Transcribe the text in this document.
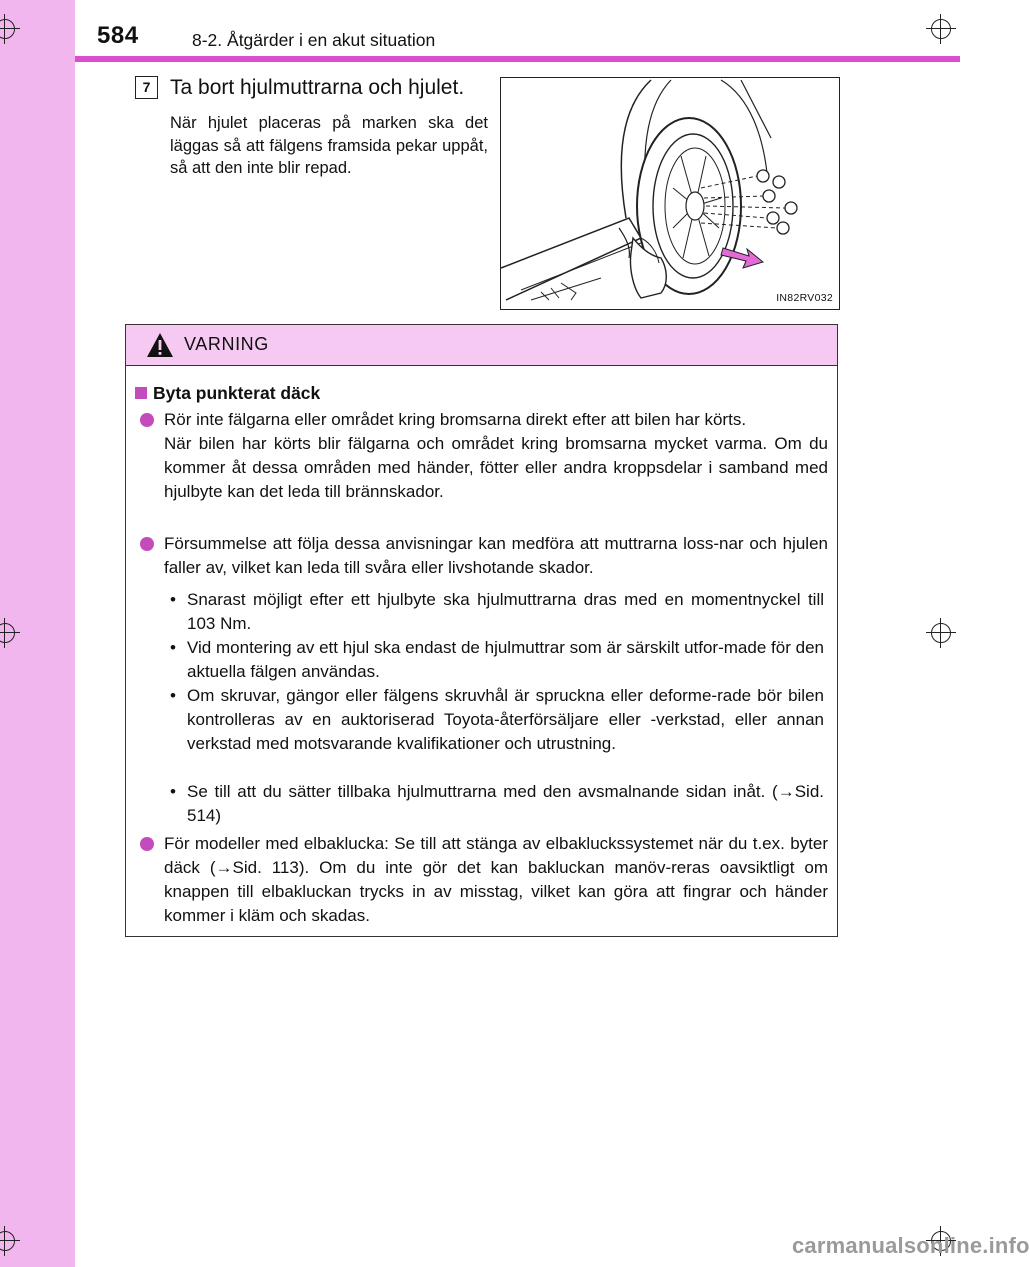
584	8-2. Åtgärder i en akut situation
7 Ta bort hjulmuttrarna och hjulet.
När hjulet placeras på marken ska det läggas så att fälgens framsida pekar uppåt, så att den inte blir repad.
IN82RV032
VARNING
Byta punkterat däck
Rör inte fälgarna eller området kring bromsarna direkt efter att bilen har körts.
När bilen har körts blir fälgarna och området kring bromsarna mycket varma. Om du kommer åt dessa områden med händer, fötter eller andra kroppsdelar i samband med hjulbyte kan det leda till brännskador.
Försummelse att följa dessa anvisningar kan medföra att muttrarna loss-nar och hjulen faller av, vilket kan leda till svåra eller livshotande skador.
• Snarast möjligt efter ett hjulbyte ska hjulmuttrarna dras med en momentnyckel till 103 Nm.
• Vid montering av ett hjul ska endast de hjulmuttrar som är särskilt utfor-made för den aktuella fälgen användas.
• Om skruvar, gängor eller fälgens skruvhål är spruckna eller deforme-rade bör bilen kontrolleras av en auktoriserad Toyota-återförsäljare eller -verkstad, eller annan verkstad med motsvarande kvalifikationer och utrustning.
• Se till att du sätter tillbaka hjulmuttrarna med den avsmalnande sidan inåt. (→Sid. 514)
För modeller med elbaklucka: Se till att stänga av elbakluckssystemet när du t.ex. byter däck (→Sid. 113). Om du inte gör det kan bakluckan manöv-reras oavsiktligt om knappen till elbakluckan trycks in av misstag, vilket kan göra att fingrar och händer kommer i kläm och skadas.
carmanualsonline.info
